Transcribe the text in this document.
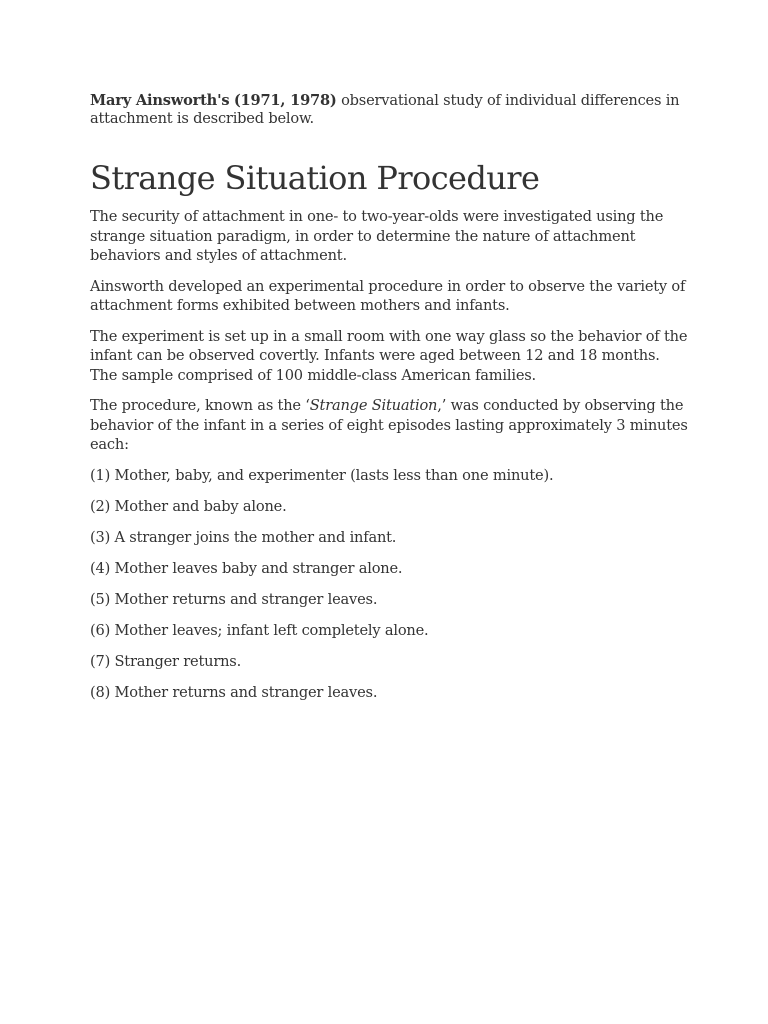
Mary Ainsworth's (1971, 1978) observational study of individual differences in attachment is described below.

Strange Situation Procedure

The security of attachment in one- to two-year-olds were investigated using the strange situation paradigm, in order to determine the nature of attachment behaviors and styles of attachment.

Ainsworth developed an experimental procedure in order to observe the variety of attachment forms exhibited between mothers and infants.

The experiment is set up in a small room with one way glass so the behavior of the infant can be observed covertly. Infants were aged between 12 and 18 months. The sample comprised of 100 middle-class American families.

The procedure, known as the ‘Strange Situation,’ was conducted by observing the behavior of the infant in a series of eight episodes lasting approximately 3 minutes each:

(1) Mother, baby, and experimenter (lasts less than one minute).

(2) Mother and baby alone.

(3) A stranger joins the mother and infant.

(4) Mother leaves baby and stranger alone.

(5) Mother returns and stranger leaves.

(6) Mother leaves; infant left completely alone.

(7) Stranger returns.

(8) Mother returns and stranger leaves.
